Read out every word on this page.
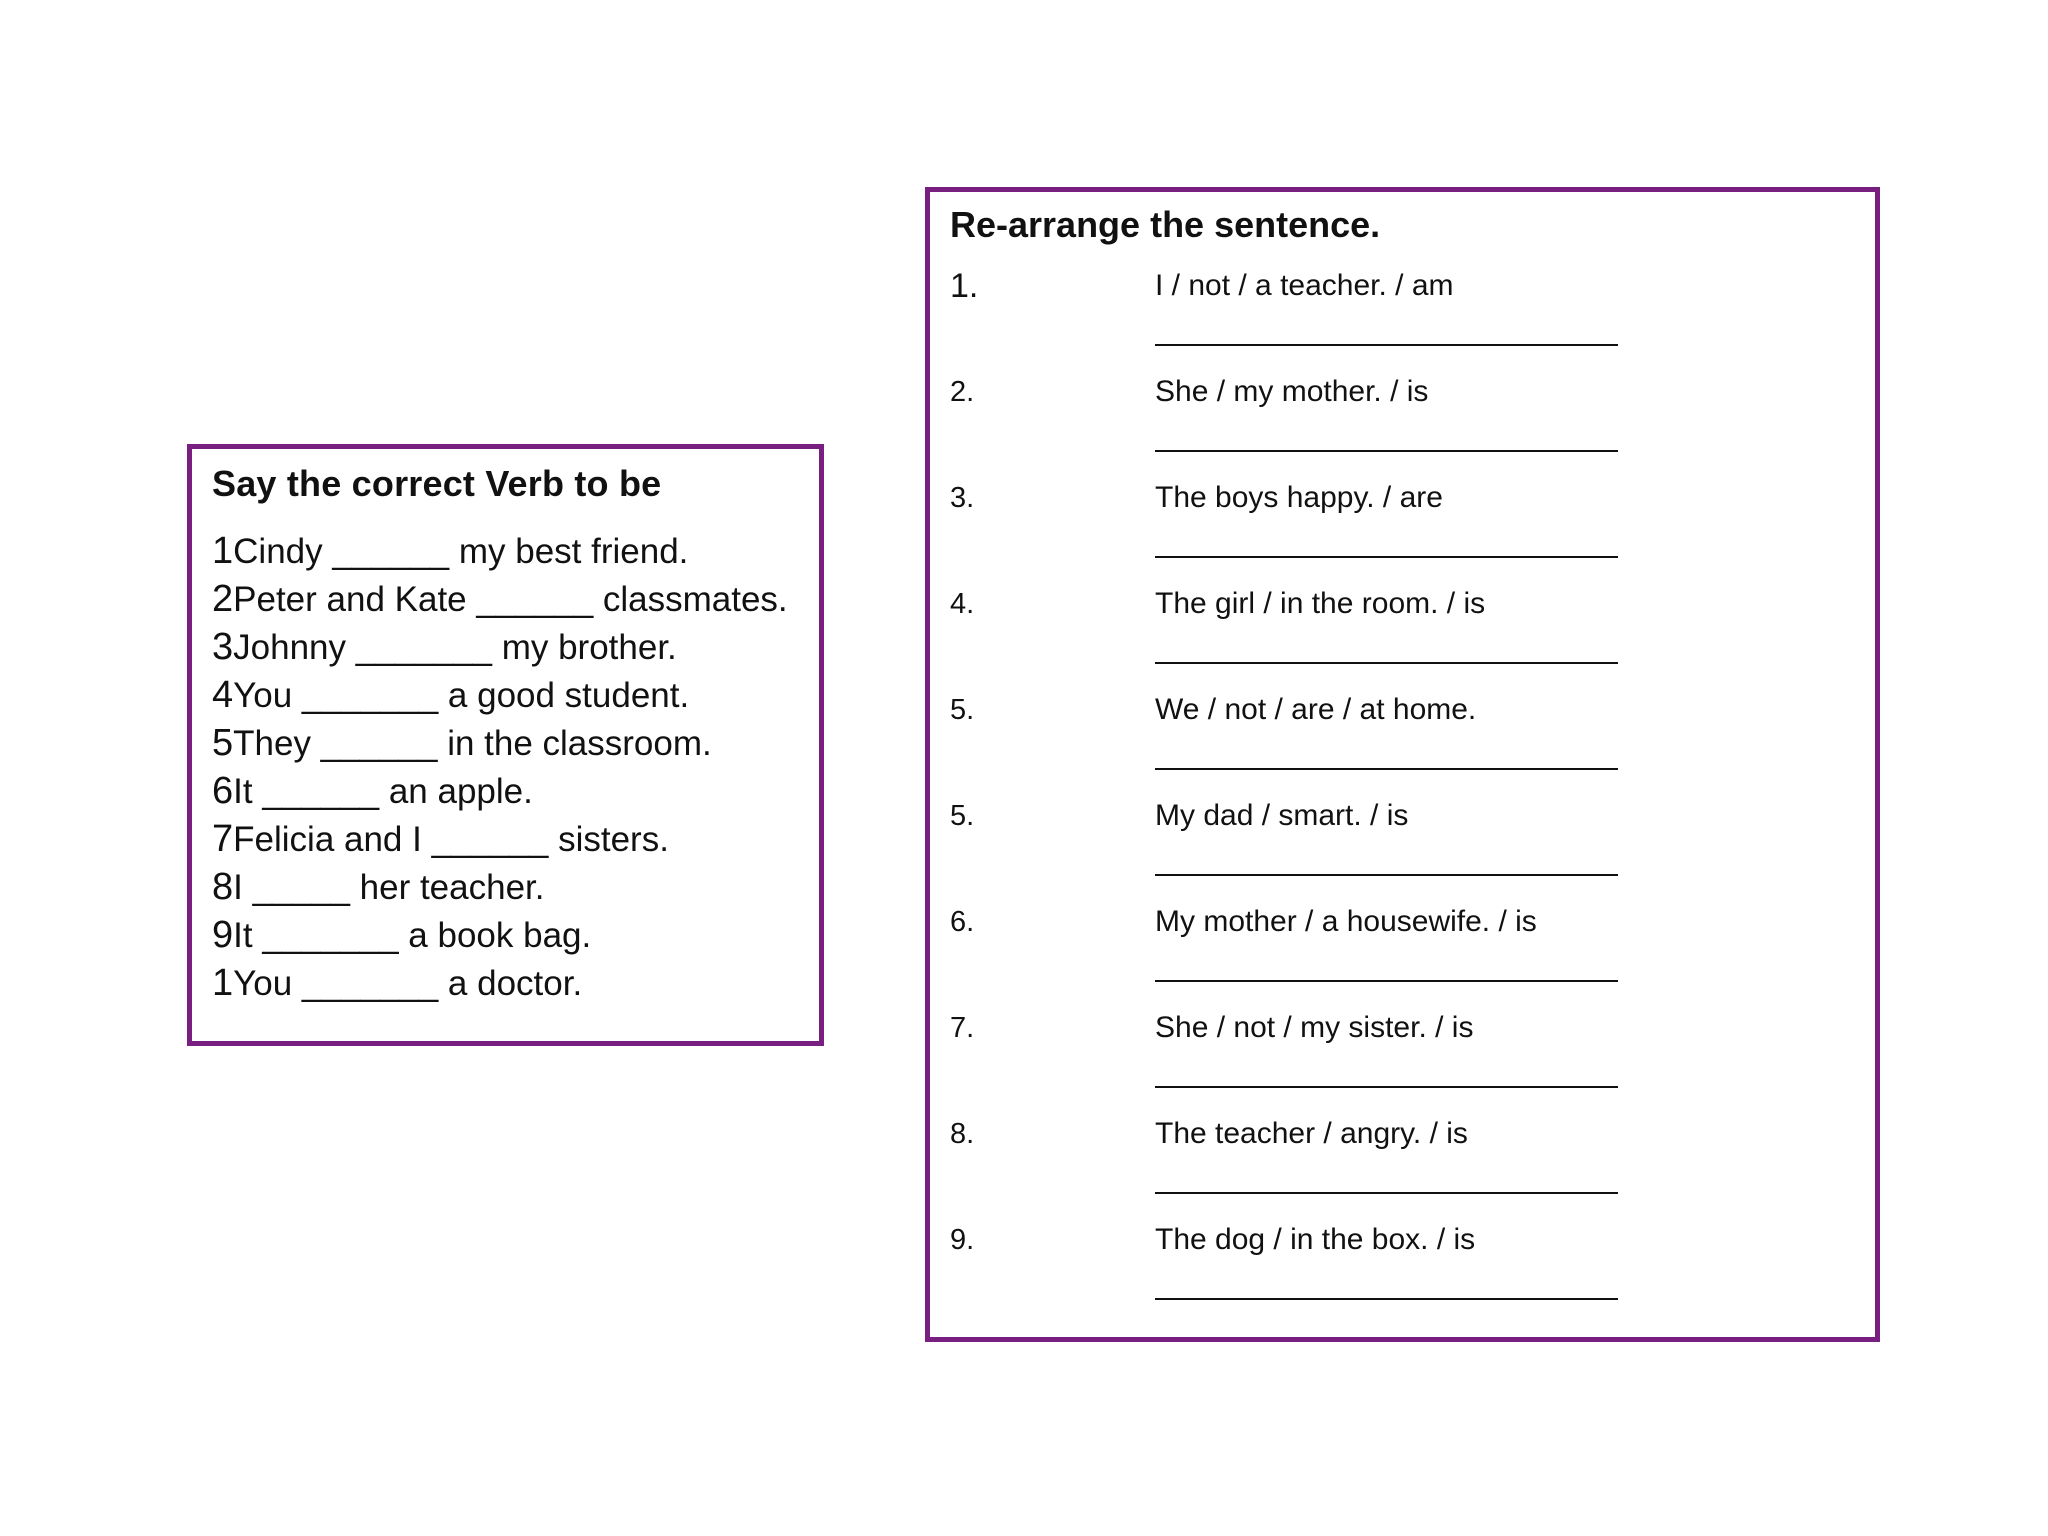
Say the correct Verb to be
1Cindy ______ my best friend.
2Peter and Kate ______ classmates.
3Johnny _______ my brother.
4You _______ a good student.
5They ______ in the classroom.
6It ______ an apple.
7Felicia and I ______ sisters.
8I _____ her teacher.
9It _______ a book bag.
1You _______ a doctor.
Re-arrange the sentence.
1.	I / not / a teacher. / am
2.	She / my mother. / is
3.	The boys happy. / are
4.	The girl / in the room. / is
5.	We / not / are / at home.
5.	My dad / smart. / is
6.	My mother / a housewife. / is
7.	She / not / my sister. / is
8.	The teacher / angry. / is
9.	The dog / in the box. / is
